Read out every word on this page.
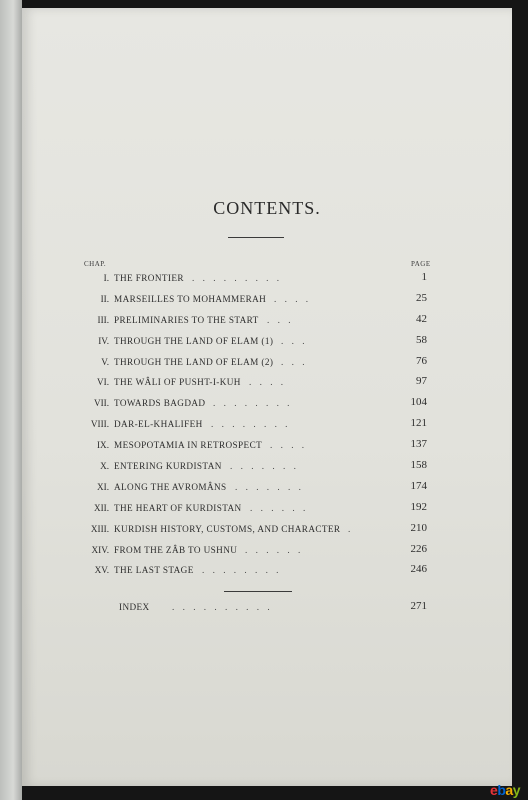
CONTENTS.
CHAP.	PAGE
I. THE FRONTIER . . . . . . . . .	1
II. MARSEILLES TO MOHAMMERAH . . . .	25
III. PRELIMINARIES TO THE START . . .	42
IV. THROUGH THE LAND OF ELAM (1) . . .	58
V. THROUGH THE LAND OF ELAM (2) . . .	76
VI. THE WÂLI OF PUSHT-I-KUH . . . .	97
VII. TOWARDS BAGDAD . . . . . . . .	104
VIII. DAR-EL-KHALIFEH . . . . . . . .	121
IX. MESOPOTAMIA IN RETROSPECT . . . .	137
X. ENTERING KURDISTAN . . . . . . .	158
XI. ALONG THE AVROMÂNS . . . . . . .	174
XII. THE HEART OF KURDISTAN . . . . . .	192
XIII. KURDISH HISTORY, CUSTOMS, AND CHARACTER .	210
XIV. FROM THE ZÂB TO USHNU . . . . . .	226
XV. THE LAST STAGE . . . . . . . .	246
INDEX . . . . . . . . . .	271
ebay
